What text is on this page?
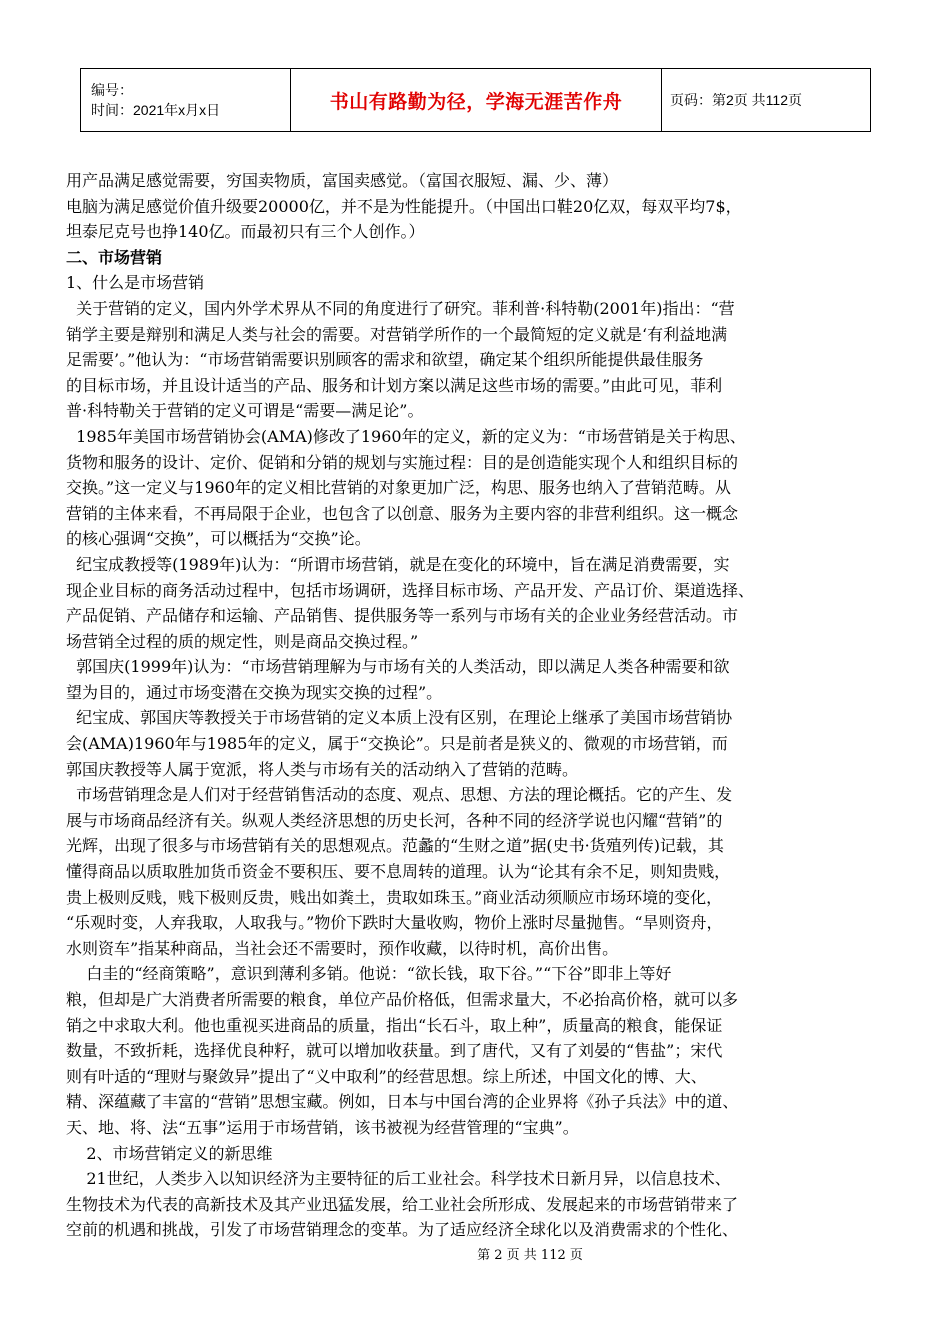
编号：
时间：2021年x月x日	书山有路勤为径，学海无涯苦作舟	页码：第2页 共112页
用产品满足感觉需要，穷国卖物质，富国卖感觉。（富国衣服短、漏、少、薄）
电脑为满足感觉价值升级要20000亿，并不是为性能提升。（中国出口鞋20亿双，每双平均7$，
坦泰尼克号也挣140亿。而最初只有三个人创作。）
二、市场营销
1、什么是市场营销
关于营销的定义，国内外学术界从不同的角度进行了研究。菲利普·科特勒(2001年)指出：“营
销学主要是辩别和满足人类与社会的需要。对营销学所作的一个最简短的定义就是‘有利益地满
足需要’。”他认为：“市场营销需要识别顾客的需求和欲望，确定某个组织所能提供最佳服务
的目标市场，并且设计适当的产品、服务和计划方案以满足这些市场的需要。”由此可见，菲利
普·科特勒关于营销的定义可谓是“需要—满足论”。
1985年美国市场营销协会(AMA)修改了1960年的定义，新的定义为：“市场营销是关于构思、
货物和服务的设计、定价、促销和分销的规划与实施过程：目的是创造能实现个人和组织目标的
交换。”这一定义与1960年的定义相比营销的对象更加广泛，构思、服务也纳入了营销范畴。从
营销的主体来看，不再局限于企业，也包含了以创意、服务为主要内容的非营利组织。这一概念
的核心强调“交换”，可以概括为“交换”论。
纪宝成教授等(1989年)认为：“所谓市场营销，就是在变化的环境中，旨在满足消费需要，实
现企业目标的商务活动过程中，包括市场调研，选择目标市场、产品开发、产品订价、渠道选择、
产品促销、产品储存和运输、产品销售、提供服务等一系列与市场有关的企业业务经营活动。市
场营销全过程的质的规定性，则是商品交换过程。”
郭国庆(1999年)认为：“市场营销理解为与市场有关的人类活动，即以满足人类各种需要和欲
望为目的，通过市场变潜在交换为现实交换的过程”。
纪宝成、郭国庆等教授关于市场营销的定义本质上没有区别，在理论上继承了美国市场营销协
会(AMA)1960年与1985年的定义，属于“交换论”。只是前者是狭义的、微观的市场营销，而
郭国庆教授等人属于宽派，将人类与市场有关的活动纳入了营销的范畴。
市场营销理念是人们对于经营销售活动的态度、观点、思想、方法的理论概括。它的产生、发
展与市场商品经济有关。纵观人类经济思想的历史长河，各种不同的经济学说也闪耀“营销”的
光辉，出现了很多与市场营销有关的思想观点。范蠡的“生财之道”据(史书·货殖列传)记载，其
懂得商品以质取胜加货币资金不要积压、要不息周转的道理。认为“论其有余不足，则知贵贱，
贵上极则反贱，贱下极则反贵，贱出如粪土，贵取如珠玉。”商业活动须顺应市场环境的变化，
“乐观时变，人弃我取，人取我与。”物价下跌时大量收购，物价上涨时尽量抛售。“旱则资舟，
水则资车”指某种商品，当社会还不需要时，预作收藏，以待时机，高价出售。
白圭的“经商策略”，意识到薄利多销。他说：“欲长钱，取下谷。”“下谷”即非上等好
粮，但却是广大消费者所需要的粮食，单位产品价格低，但需求量大，不必抬高价格，就可以多
销之中求取大利。他也重视买进商品的质量，指出“长石斗，取上种”，质量高的粮食，能保证
数量，不致折耗，选择优良种籽，就可以增加收获量。到了唐代，又有了刘晏的“售盐”；宋代
则有叶适的“理财与聚敛异”提出了“义中取利”的经营思想。综上所述，中国文化的博、大、
精、深蕴藏了丰富的“营销”思想宝藏。例如，日本与中国台湾的企业界将《孙子兵法》中的道、
天、地、将、法“五事”运用于市场营销，该书被视为经营管理的“宝典”。
2、市场营销定义的新思维
21世纪，人类步入以知识经济为主要特征的后工业社会。科学技术日新月异，以信息技术、
生物技术为代表的高新技术及其产业迅猛发展，给工业社会所形成、发展起来的市场营销带来了
空前的机遇和挑战，引发了市场营销理念的变革。为了适应经济全球化以及消费需求的个性化、
第 2 页 共 112 页
